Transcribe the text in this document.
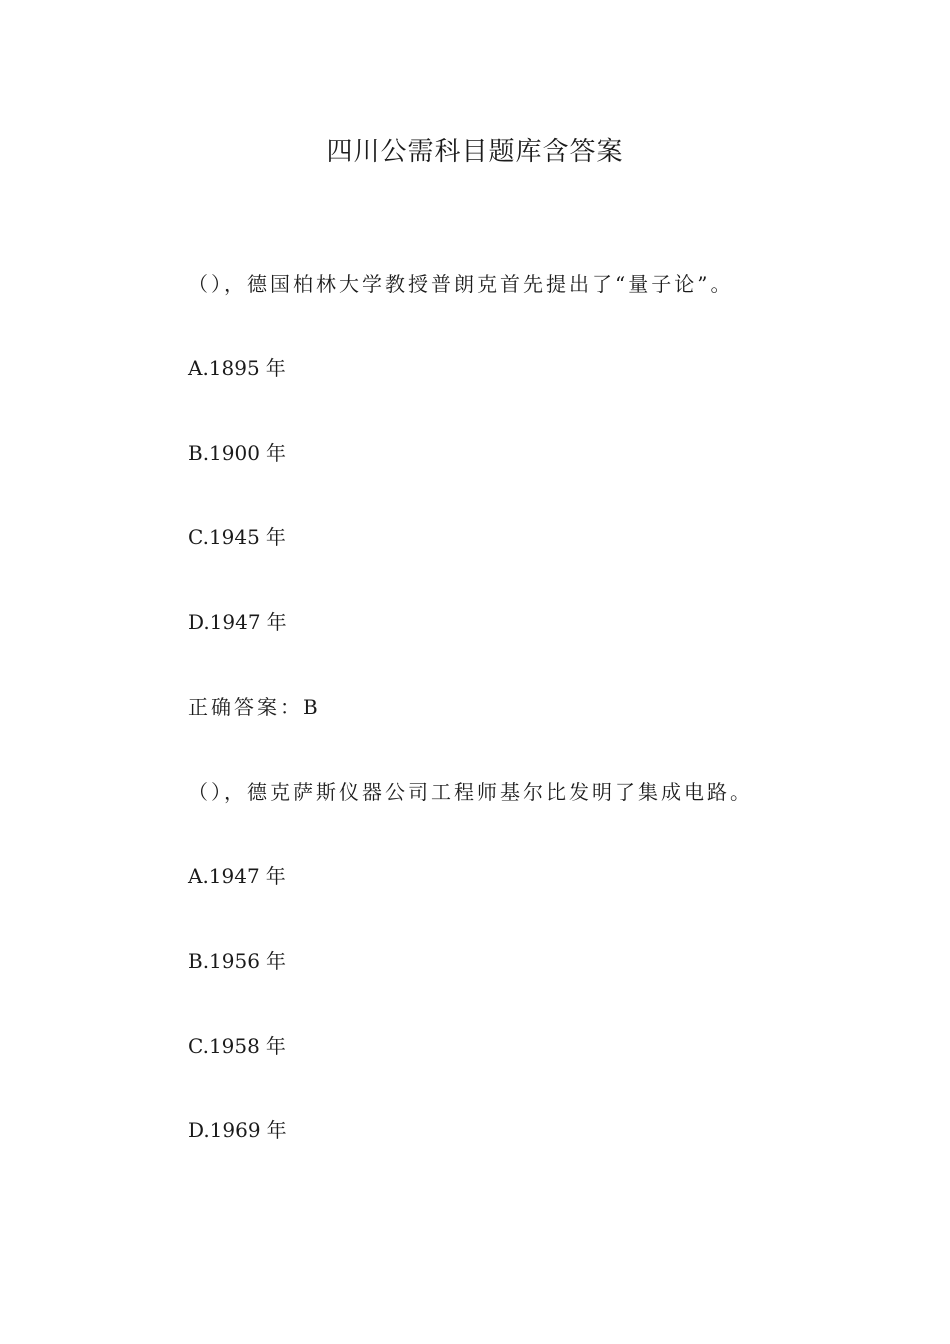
四川公需科目题库含答案
（），德国柏林大学教授普朗克首先提出了“量子论”。
A.1895 年
B.1900 年
C.1945 年
D.1947 年
正确答案：B
（），德克萨斯仪器公司工程师基尔比发明了集成电路。
A.1947 年
B.1956 年
C.1958 年
D.1969 年
